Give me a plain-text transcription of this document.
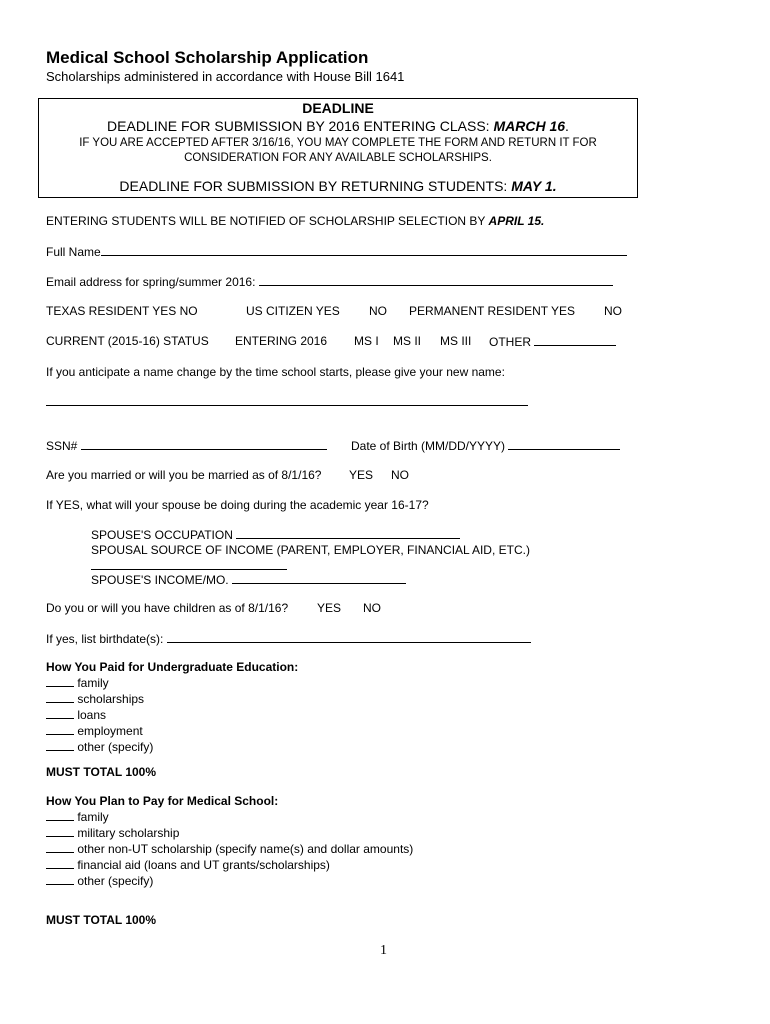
Medical School Scholarship Application
Scholarships administered in accordance with House Bill 1641
DEADLINE
DEADLINE FOR SUBMISSION BY 2016 ENTERING CLASS: MARCH 16.
IF YOU ARE ACCEPTED AFTER 3/16/16, YOU MAY COMPLETE THE FORM AND RETURN IT FOR
CONSIDERATION FOR ANY AVAILABLE SCHOLARSHIPS.
DEADLINE FOR SUBMISSION BY RETURNING STUDENTS: MAY 1.
ENTERING STUDENTS WILL BE NOTIFIED OF SCHOLARSHIP SELECTION BY APRIL 15.
Full Name
Email address for spring/summer 2016:
TEXAS RESIDENT YES NO	US CITIZEN YES NO PERMANENT RESIDENT YES NO
CURRENT (2015-16) STATUS ENTERING 2016 MS I MS II MS III OTHER
If you anticipate a name change by the time school starts, please give your new name:
SSN#	Date of Birth (MM/DD/YYYY)
Are you married or will you be married as of 8/1/16? YES NO
If YES, what will your spouse be doing during the academic year 16-17?
SPOUSE'S OCCUPATION
SPOUSAL SOURCE OF INCOME (PARENT, EMPLOYER, FINANCIAL AID, ETC.)
SPOUSE'S INCOME/MO.
Do you or will you have children as of 8/1/16? YES NO
If yes, list birthdate(s):
How You Paid for Undergraduate Education:
family
scholarships
loans
employment
other (specify)
MUST TOTAL 100%
How You Plan to Pay for Medical School:
family
military scholarship
other non-UT scholarship (specify name(s) and dollar amounts)
financial aid (loans and UT grants/scholarships)
other (specify)
MUST TOTAL 100%
1
